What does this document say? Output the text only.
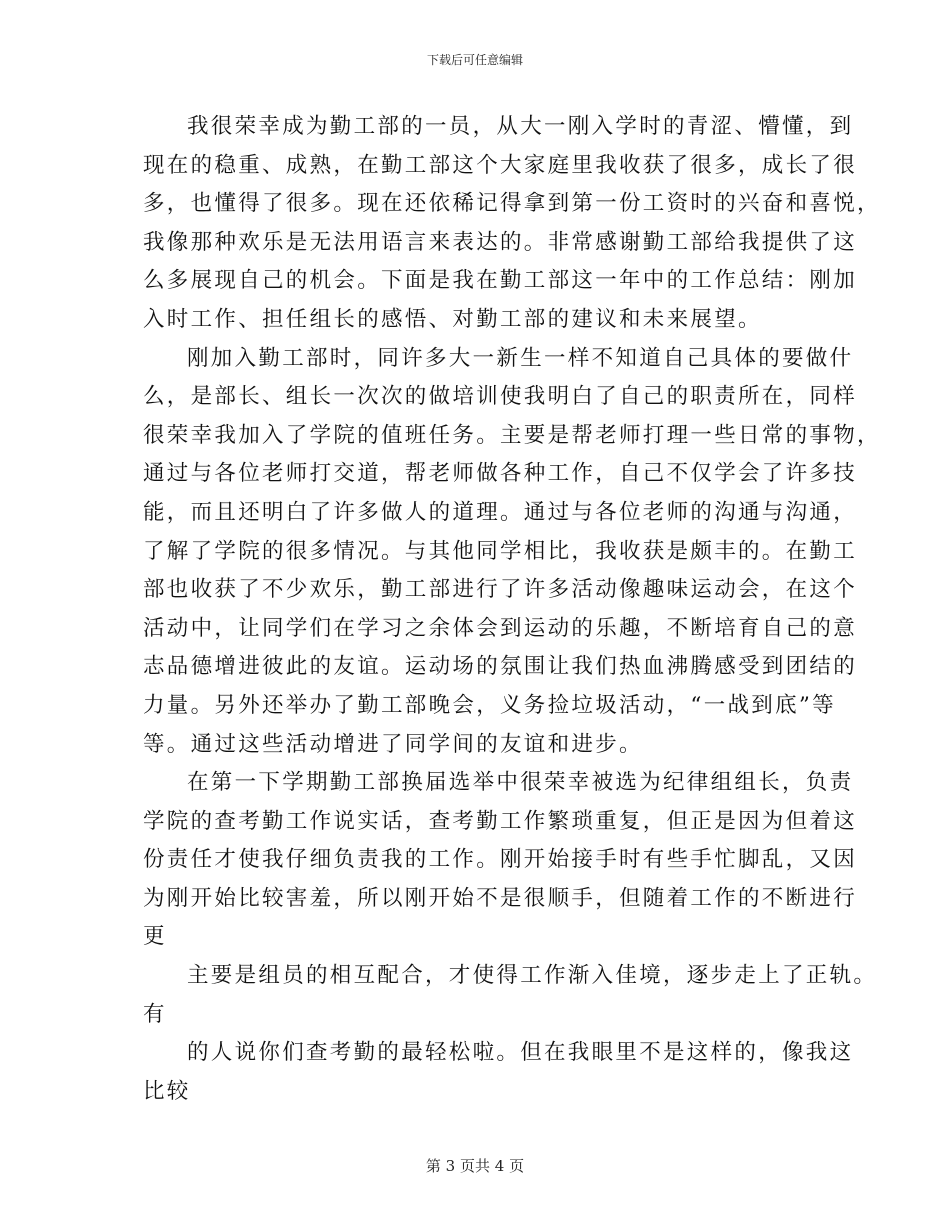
下载后可任意编辑
我很荣幸成为勤工部的一员，从大一刚入学时的青涩、懵懂，到
现在的稳重、成熟，在勤工部这个大家庭里我收获了很多，成长了很
多，也懂得了很多。现在还依稀记得拿到第一份工资时的兴奋和喜悦，
我像那种欢乐是无法用语言来表达的。非常感谢勤工部给我提供了这
么多展现自己的机会。下面是我在勤工部这一年中的工作总结：刚加
入时工作、担任组长的感悟、对勤工部的建议和未来展望。
刚加入勤工部时，同许多大一新生一样不知道自己具体的要做什
么，是部长、组长一次次的做培训使我明白了自己的职责所在，同样
很荣幸我加入了学院的值班任务。主要是帮老师打理一些日常的事物，
通过与各位老师打交道，帮老师做各种工作，自己不仅学会了许多技
能，而且还明白了许多做人的道理。通过与各位老师的沟通与沟通，
了解了学院的很多情况。与其他同学相比，我收获是颇丰的。在勤工
部也收获了不少欢乐，勤工部进行了许多活动像趣味运动会，在这个
活动中，让同学们在学习之余体会到运动的乐趣，不断培育自己的意
志品德增进彼此的友谊。运动场的氛围让我们热血沸腾感受到团结的
力量。另外还举办了勤工部晚会，义务捡垃圾活动，“一战到底”等
等。通过这些活动增进了同学间的友谊和进步。
在第一下学期勤工部换届选举中很荣幸被选为纪律组组长，负责
学院的查考勤工作说实话，查考勤工作繁琐重复，但正是因为但着这
份责任才使我仔细负责我的工作。刚开始接手时有些手忙脚乱，又因
为刚开始比较害羞，所以刚开始不是很顺手，但随着工作的不断进行
更
主要是组员的相互配合，才使得工作渐入佳境，逐步走上了正轨。
有
的人说你们查考勤的最轻松啦。但在我眼里不是这样的，像我这
比较
第 3 页共 4 页
